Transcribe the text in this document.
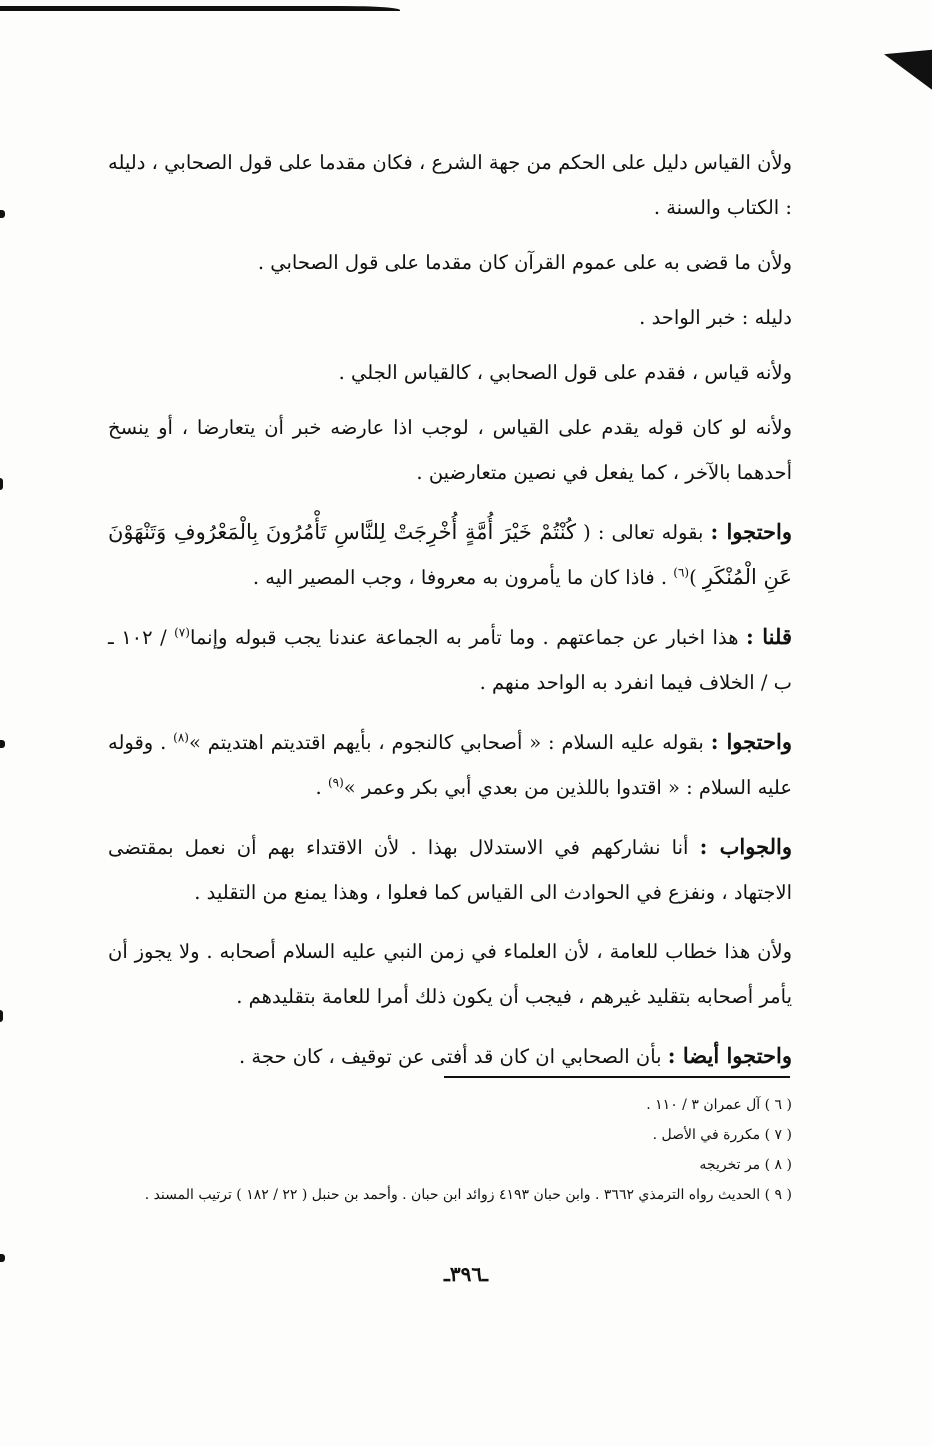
ولأن القياس دليل على الحكم من جهة الشرع ، فكان مقدما على قول الصحابي ، دليله : الكتاب والسنة .

ولأن ما قضى به على عموم القرآن كان مقدما على قول الصحابي .

دليله : خبر الواحد .

ولأنه قياس ، فقدم على قول الصحابي ، كالقياس الجلي .

ولأنه لو كان قوله يقدم على القياس ، لوجب اذا عارضه خبر أن يتعارضا ، أو ينسخ أحدهما بالآخر ، كما يفعل في نصين متعارضين .

واحتجوا : بقوله تعالى : ( كُنْتُمْ خَيْرَ أُمَّةٍ أُخْرِجَتْ لِلنَّاسِ تَأْمُرُونَ بِالْمَعْرُوفِ وَتَنْهَوْنَ عَنِ الْمُنْكَرِ )$^{(٦)}$ . فاذا كان ما يأمرون به معروفا ، وجب المصير اليه .

قلنا : هذا اخبار عن جماعتهم . وما تأمر به الجماعة عندنا يجب قبوله وإنما$^{(٧)}$ / ١٠٢ ـ ب / الخلاف فيما انفرد به الواحد منهم .

واحتجوا : بقوله عليه السلام : « أصحابي كالنجوم ، بأيهم اقتديتم اهتديتم »$^{(٨)}$ . وقوله عليه السلام : « اقتدوا باللذين من بعدي أبي بكر وعمر »$^{(٩)}$ .

والجواب : أنا نشاركهم في الاستدلال بهذا . لأن الاقتداء بهم أن نعمل بمقتضى الاجتهاد ، ونفزع في الحوادث الى القياس كما فعلوا ، وهذا يمنع من التقليد .

ولأن هذا خطاب للعامة ، لأن العلماء في زمن النبي عليه السلام أصحابه . ولا يجوز أن يأمر أصحابه بتقليد غيرهم ، فيجب أن يكون ذلك أمرا للعامة بتقليدهم .

واحتجوا أيضا : بأن الصحابي ان كان قد أفتى عن توقيف ، كان حجة .

( ٦ ) آل عمران ٣ / ١١٠ .

( ٧ ) مكررة في الأصل .

( ٨ ) مر تخريجه

( ٩ ) الحديث رواه الترمذي ٣٦٦٢ . وابن حبان ٤١٩٣ زوائد ابن حبان . وأحمد بن حنبل ( ٢٢ / ١٨٢ ) ترتيب المسند .

ـ٣٩٦ـ
